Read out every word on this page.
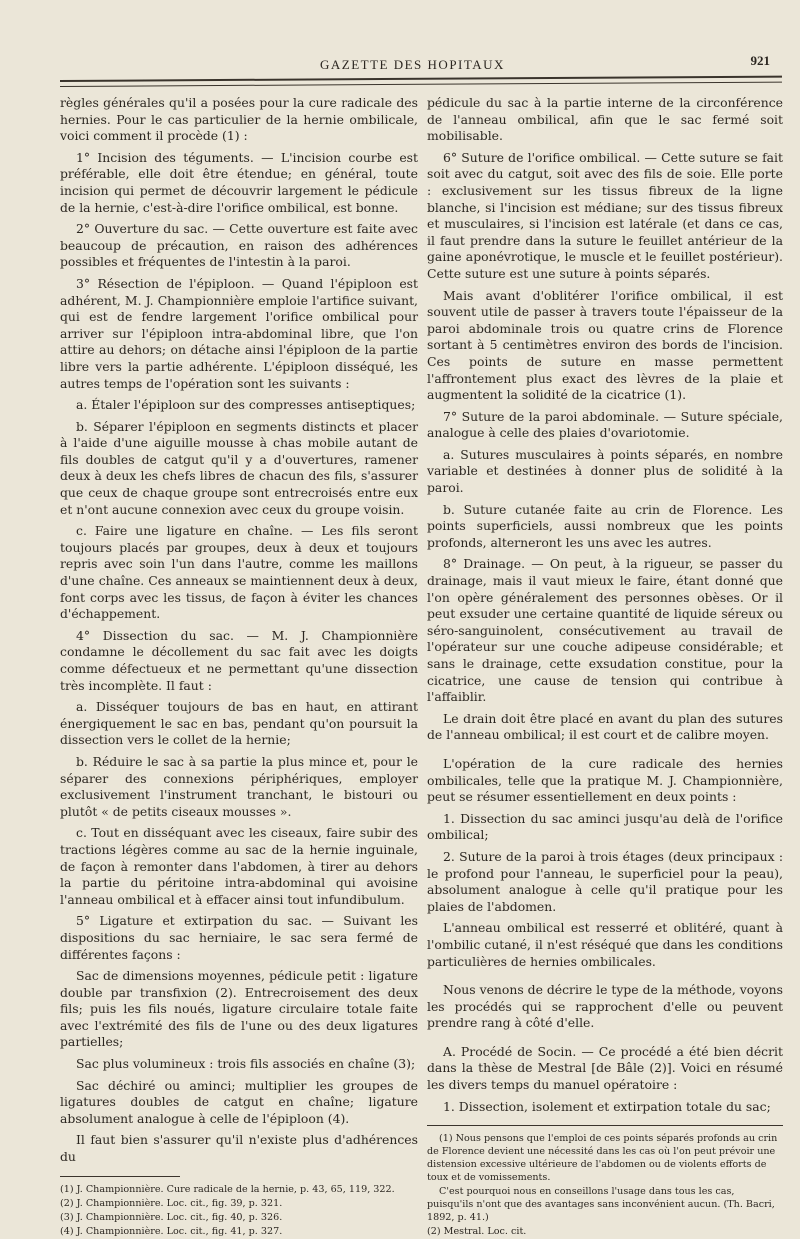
GAZETTE DES HOPITAUX	921

règles générales qu'il a posées pour la cure radicale des hernies. Pour le cas particulier de la hernie ombilicale, voici comment il procède (1) :

1° Incision des téguments. — L'incision courbe est préférable, elle doit être étendue; en général, toute incision qui permet de découvrir largement le pédicule de la hernie, c'est-à-dire l'orifice ombilical, est bonne.

2° Ouverture du sac. — Cette ouverture est faite avec beaucoup de précaution, en raison des adhérences possibles et fréquentes de l'intestin à la paroi.

3° Résection de l'épiploon. — Quand l'épiploon est adhérent, M. J. Championnière emploie l'artifice suivant, qui est de fendre largement l'orifice ombilical pour arriver sur l'épiploon intra-abdominal libre, que l'on attire au dehors; on détache ainsi l'épiploon de la partie libre vers la partie adhérente. L'épiploon disséqué, les autres temps de l'opération sont les suivants :

a. Étaler l'épiploon sur des compresses antiseptiques;

b. Séparer l'épiploon en segments distincts et placer à l'aide d'une aiguille mousse à chas mobile autant de fils doubles de catgut qu'il y a d'ouvertures, ramener deux à deux les chefs libres de chacun des fils, s'assurer que ceux de chaque groupe sont entrecroisés entre eux et n'ont aucune connexion avec ceux du groupe voisin.

c. Faire une ligature en chaîne. — Les fils seront toujours placés par groupes, deux à deux et toujours repris avec soin l'un dans l'autre, comme les maillons d'une chaîne. Ces anneaux se maintiennent deux à deux, font corps avec les tissus, de façon à éviter les chances d'échappement.

4° Dissection du sac. — M. J. Championnière condamne le décollement du sac fait avec les doigts comme défectueux et ne permettant qu'une dissection très incomplète. Il faut :

a. Disséquer toujours de bas en haut, en attirant énergiquement le sac en bas, pendant qu'on poursuit la dissection vers le collet de la hernie;

b. Réduire le sac à sa partie la plus mince et, pour le séparer des connexions périphériques, employer exclusivement l'instrument tranchant, le bistouri ou plutôt « de petits ciseaux mousses ».

c. Tout en disséquant avec les ciseaux, faire subir des tractions légères comme au sac de la hernie inguinale, de façon à remonter dans l'abdomen, à tirer au dehors la partie du péritoine intra-abdominal qui avoisine l'anneau ombilical et à effacer ainsi tout infundibulum.

5° Ligature et extirpation du sac. — Suivant les dispositions du sac herniaire, le sac sera fermé de différentes façons :

Sac de dimensions moyennes, pédicule petit : ligature double par transfixion (2). Entrecroisement des deux fils; puis les fils noués, ligature circulaire totale faite avec l'extrémité des fils de l'une ou des deux ligatures partielles;

Sac plus volumineux : trois fils associés en chaîne (3);

Sac déchiré ou aminci; multiplier les groupes de ligatures doubles de catgut en chaîne; ligature absolument analogue à celle de l'épiploon (4).

Il faut bien s'assurer qu'il n'existe plus d'adhérences du

(1) J. Championnière. Cure radicale de la hernie, p. 43, 65, 119, 322.

(2) J. Championnière. Loc. cit., fig. 39, p. 321.

(3) J. Championnière. Loc. cit., fig. 40, p. 326.

(4) J. Championnière. Loc. cit., fig. 41, p. 327.

pédicule du sac à la partie interne de la circonférence de l'anneau ombilical, afin que le sac fermé soit mobilisable.

6° Suture de l'orifice ombilical. — Cette suture se fait soit avec du catgut, soit avec des fils de soie. Elle porte : exclusivement sur les tissus fibreux de la ligne blanche, si l'incision est médiane; sur des tissus fibreux et musculaires, si l'incision est latérale (et dans ce cas, il faut prendre dans la suture le feuillet antérieur de la gaine aponévrotique, le muscle et le feuillet postérieur). Cette suture est une suture à points séparés.

Mais avant d'oblitérer l'orifice ombilical, il est souvent utile de passer à travers toute l'épaisseur de la paroi abdominale trois ou quatre crins de Florence sortant à 5 centimètres environ des bords de l'incision. Ces points de suture en masse permettent l'affrontement plus exact des lèvres de la plaie et augmentent la solidité de la cicatrice (1).

7° Suture de la paroi abdominale. — Suture spéciale, analogue à celle des plaies d'ovariotomie.

a. Sutures musculaires à points séparés, en nombre variable et destinées à donner plus de solidité à la paroi.

b. Suture cutanée faite au crin de Florence. Les points superficiels, aussi nombreux que les points profonds, alterneront les uns avec les autres.

8° Drainage. — On peut, à la rigueur, se passer du drainage, mais il vaut mieux le faire, étant donné que l'on opère généralement des personnes obèses. Or il peut exsuder une certaine quantité de liquide séreux ou séro-sanguinolent, consécutivement au travail de l'opérateur sur une couche adipeuse considérable; et sans le drainage, cette exsudation constitue, pour la cicatrice, une cause de tension qui contribue à l'affaiblir.

Le drain doit être placé en avant du plan des sutures de l'anneau ombilical; il est court et de calibre moyen.

L'opération de la cure radicale des hernies ombilicales, telle que la pratique M. J. Championnière, peut se résumer essentiellement en deux points :

1. Dissection du sac aminci jusqu'au delà de l'orifice ombilical;

2. Suture de la paroi à trois étages (deux principaux : le profond pour l'anneau, le superficiel pour la peau), absolument analogue à celle qu'il pratique pour les plaies de l'abdomen.

L'anneau ombilical est resserré et oblitéré, quant à l'ombilic cutané, il n'est réséqué que dans les conditions particulières de hernies ombilicales.

Nous venons de décrire le type de la méthode, voyons les procédés qui se rapprochent d'elle ou peuvent prendre rang à côté d'elle.

A. Procédé de Socin. — Ce procédé a été bien décrit dans la thèse de Mestral [de Bâle (2)]. Voici en résumé les divers temps du manuel opératoire :

1. Dissection, isolement et extirpation totale du sac;

(1) Nous pensons que l'emploi de ces points séparés profonds au crin de Florence devient une nécessité dans les cas où l'on peut prévoir une distension excessive ultérieure de l'abdomen ou de violents efforts de toux et de vomissements.

C'est pourquoi nous en conseillons l'usage dans tous les cas, puisqu'ils n'ont que des avantages sans inconvénient aucun. (Th. Bacri, 1892, p. 41.)

(2) Mestral. Loc. cit.
